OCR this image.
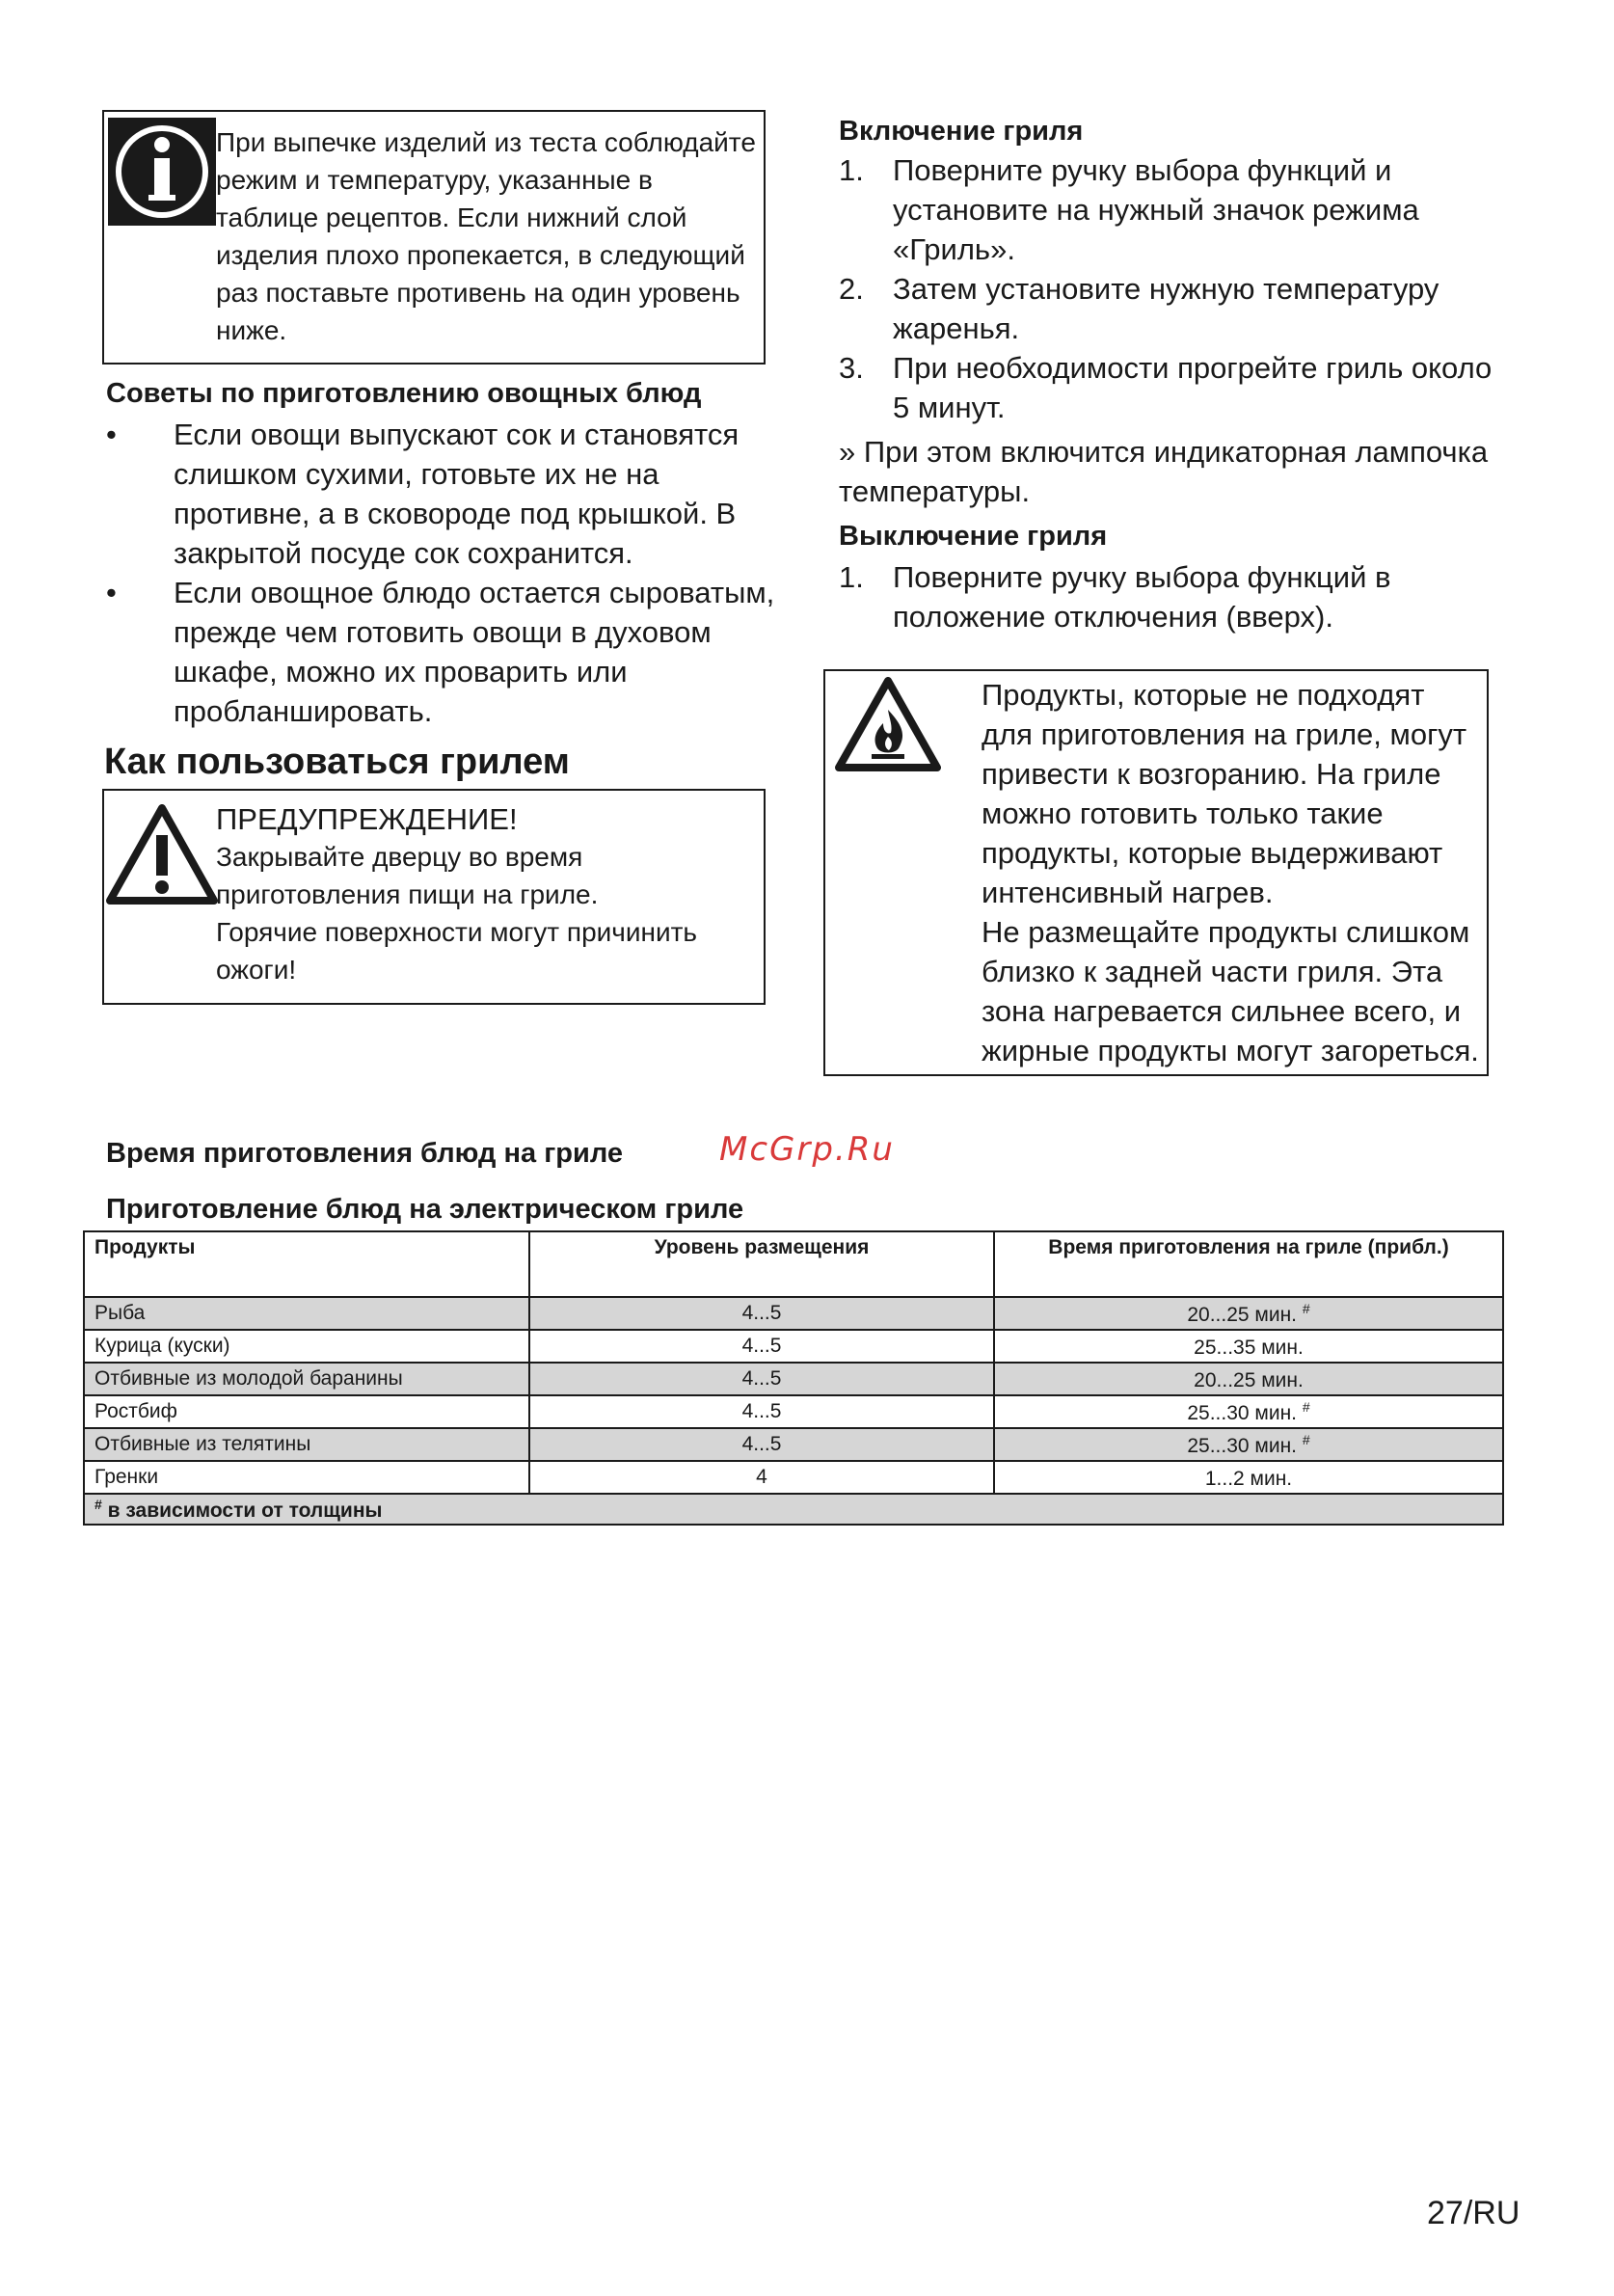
При выпечке изделий из теста соблюдайте режим и температуру, указанные в таблице рецептов. Если нижний слой изделия плохо пропекается, в следующий раз поставьте противень на один уровень ниже.
Советы по приготовлению овощных блюд
• Если овощи выпускают сок и становятся слишком сухими, готовьте их не на противне, а в сковороде под крышкой. В закрытой посуде сок сохранится.
• Если овощное блюдо остается сыроватым, прежде чем готовить овощи в духовом шкафе, можно их проварить или пробланшировать.
Как пользоваться грилем
ПРЕДУПРЕЖДЕНИЕ!
Закрывайте дверцу во время приготовления пищи на гриле.
Горячие поверхности могут причинить ожоги!
Включение гриля
1. Поверните ручку выбора функций и установите на нужный значок режима «Гриль».
2. Затем установите нужную температуру жаренья.
3. При необходимости прогрейте гриль около 5 минут.
» При этом включится индикаторная лампочка температуры.
Выключение гриля
1. Поверните ручку выбора функций в положение отключения (вверх).
Продукты, которые не подходят для приготовления на гриле, могут привести к возгоранию. На гриле можно готовить только такие продукты, которые выдерживают интенсивный нагрев.
Не размещайте продукты слишком близко к задней части гриля. Эта зона нагревается сильнее всего, и жирные продукты могут загореться.
Время приготовления блюд на гриле	McGrp.Ru
Приготовление блюд на электрическом гриле
Продукты	Уровень размещения	Время приготовления на гриле (прибл.)
Рыба	4...5	20...25 мин. #
Курица (куски)	4...5	25...35 мин.
Отбивные из молодой баранины	4...5	20...25 мин.
Ростбиф	4...5	25...30 мин. #
Отбивные из телятины	4...5	25...30 мин. #
Гренки	4	1...2 мин.
# в зависимости от толщины		
27/RU
